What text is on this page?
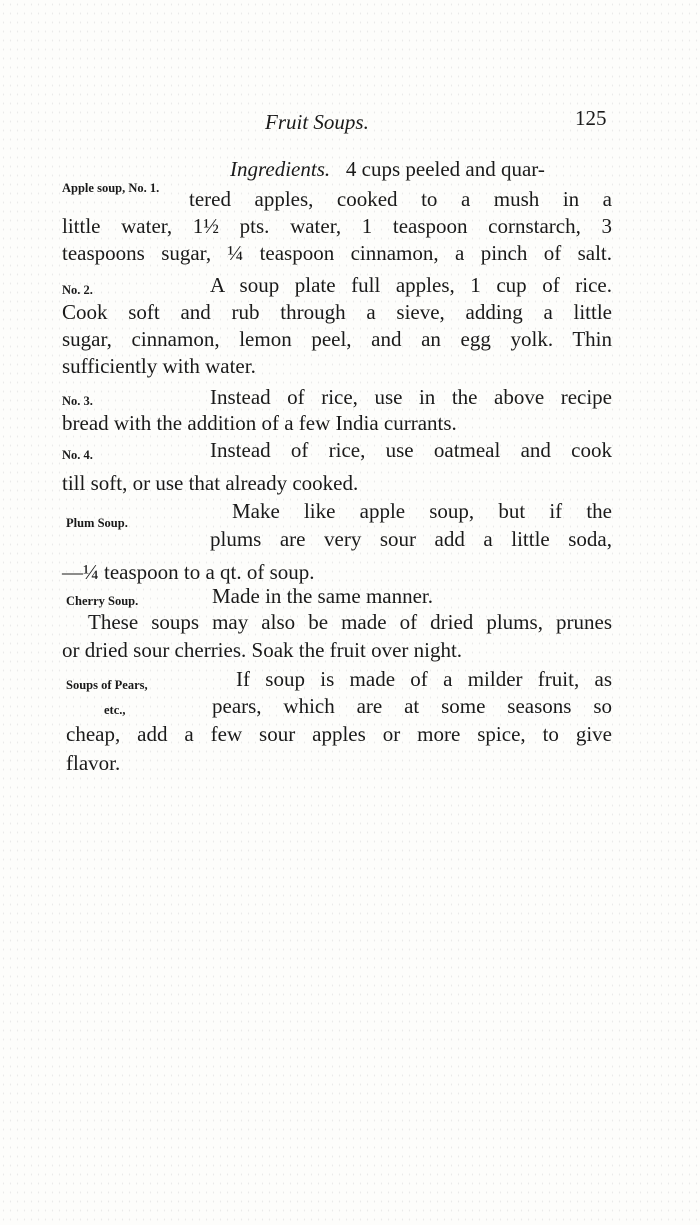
Fruit Soups.	125
Apple soup, No. 1.
No. 2.
No. 3.
No. 4.
Plum Soup.
Cherry Soup.
Soups of Pears,
etc.,
Ingredients. 4 cups peeled and quar-
tered apples, cooked to a mush in a
little water, 1½ pts. water, 1 teaspoon cornstarch, 3
teaspoons sugar, ¼ teaspoon cinnamon, a pinch of salt.
A soup plate full apples, 1 cup of rice.
Cook soft and rub through a sieve, adding a little
sugar, cinnamon, lemon peel, and an egg yolk. Thin
sufficiently with water.
Instead of rice, use in the above recipe
bread with the addition of a few India currants.
Instead of rice, use oatmeal and cook
till soft, or use that already cooked.
Make like apple soup, but if the
plums are very sour add a little soda,
—¼ teaspoon to a qt. of soup.
Made in the same manner.
These soups may also be made of dried plums, prunes
or dried sour cherries. Soak the fruit over night.
If soup is made of a milder fruit, as
pears, which are at some seasons so
cheap, add a few sour apples or more spice, to give
flavor.
